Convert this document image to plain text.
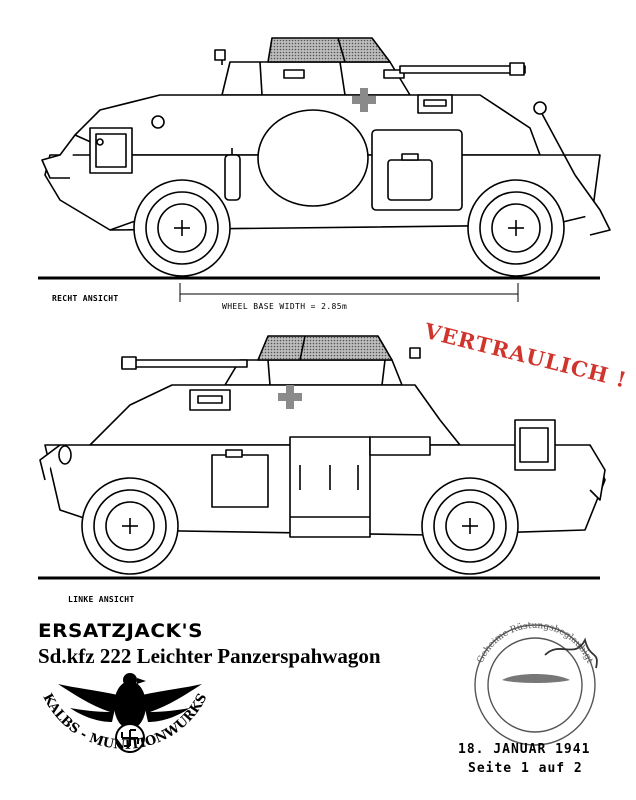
KALBS - MUNITIONWURKS
Geheime Rüstungsbeglaubigt
RECHT ANSICHT
WHEEL BASE WIDTH = 2.85m
VERTRAULICH !
LINKE ANSICHT
ERSATZJACK'S
Sd.kfz 222 Leichter Panzerspahwagon
18. JANUAR 1941
Seite 1 auf 2
